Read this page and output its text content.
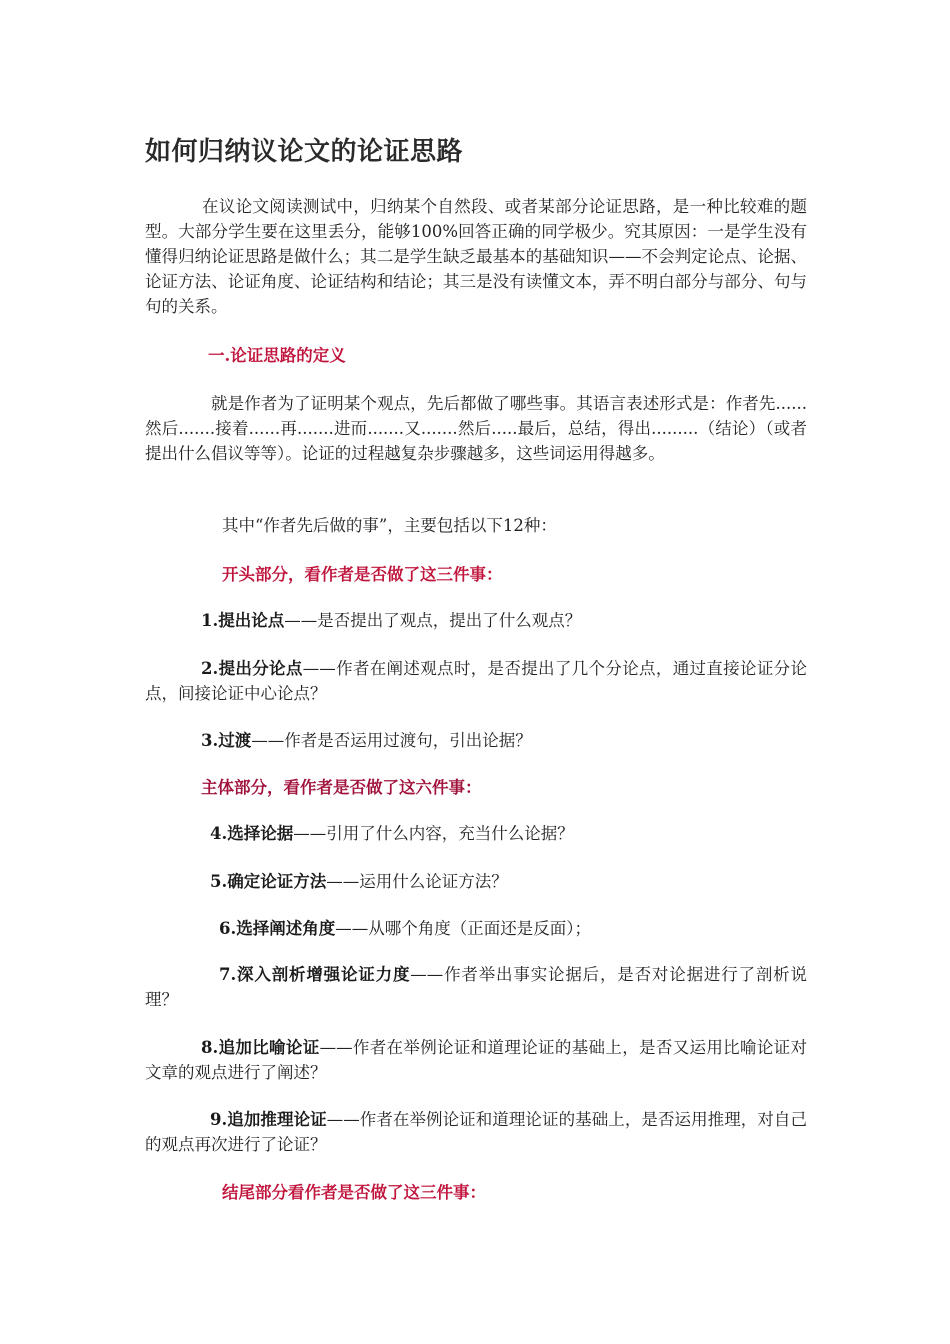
如何归纳议论文的论证思路
在议论文阅读测试中，归纳某个自然段、或者某部分论证思路，是一种比较难的题型。大部分学生要在这里丢分，能够100%回答正确的同学极少。究其原因：一是学生没有懂得归纳论证思路是做什么；其二是学生缺乏最基本的基础知识——不会判定论点、论据、论证方法、论证角度、论证结构和结论；其三是没有读懂文本，弄不明白部分与部分、句与句的关系。
一.论证思路的定义
就是作者为了证明某个观点，先后都做了哪些事。其语言表述形式是：作者先......然后.......接着......再.......进而.......又.......然后.....最后，总结，得出.........（结论）（或者提出什么倡议等等）。论证的过程越复杂步骤越多，这些词运用得越多。
其中“作者先后做的事”，主要包括以下12种：
开头部分，看作者是否做了这三件事：
1.提出论点——是否提出了观点，提出了什么观点？
2.提出分论点——作者在阐述观点时，是否提出了几个分论点，通过直接论证分论点，间接论证中心论点？
3.过渡——作者是否运用过渡句，引出论据？
主体部分，看作者是否做了这六件事：
4.选择论据——引用了什么内容，充当什么论据？
5.确定论证方法——运用什么论证方法？
6.选择阐述角度——从哪个角度（正面还是反面）；
7.深入剖析增强论证力度——作者举出事实论据后，是否对论据进行了剖析说理？
8.追加比喻论证——作者在举例论证和道理论证的基础上，是否又运用比喻论证对文章的观点进行了阐述？
9.追加推理论证——作者在举例论证和道理论证的基础上，是否运用推理，对自己的观点再次进行了论证？
结尾部分看作者是否做了这三件事：
